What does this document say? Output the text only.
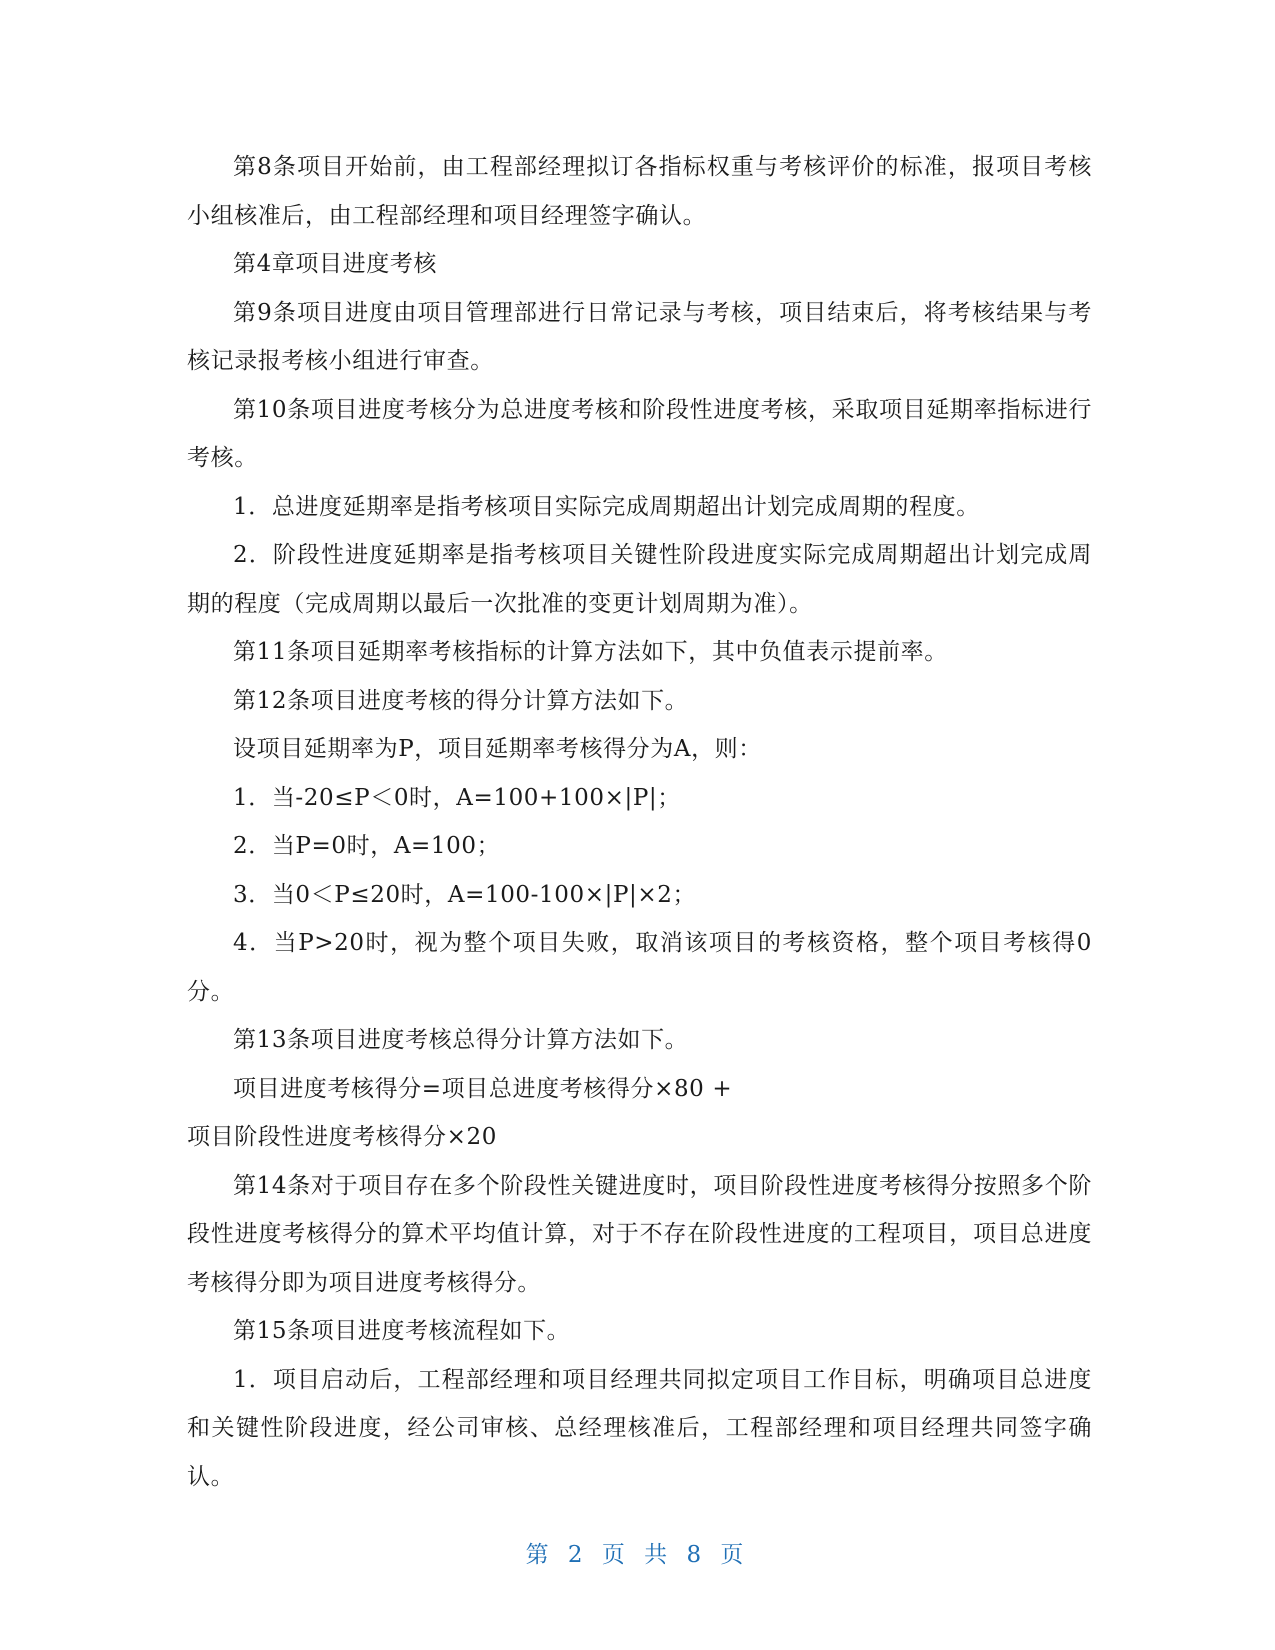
第8条项目开始前，由工程部经理拟订各指标权重与考核评价的标准，报项目考核小组核准后，由工程部经理和项目经理签字确认。

第4章项目进度考核

第9条项目进度由项目管理部进行日常记录与考核，项目结束后，将考核结果与考核记录报考核小组进行审查。

第10条项目进度考核分为总进度考核和阶段性进度考核，采取项目延期率指标进行考核。

1．总进度延期率是指考核项目实际完成周期超出计划完成周期的程度。

2．阶段性进度延期率是指考核项目关键性阶段进度实际完成周期超出计划完成周期的程度（完成周期以最后一次批准的变更计划周期为准）。

第11条项目延期率考核指标的计算方法如下，其中负值表示提前率。

第12条项目进度考核的得分计算方法如下。

设项目延期率为P，项目延期率考核得分为A，则：

1．当-20≤P＜0时，A=100+100×|P|；

2．当P=0时，A=100；

3．当0＜P≤20时，A=100-100×|P|×2；

4．当P>20时，视为整个项目失败，取消该项目的考核资格，整个项目考核得0分。

第13条项目进度考核总得分计算方法如下。

项目进度考核得分=项目总进度考核得分×80 +

项目阶段性进度考核得分×20

第14条对于项目存在多个阶段性关键进度时，项目阶段性进度考核得分按照多个阶段性进度考核得分的算术平均值计算，对于不存在阶段性进度的工程项目，项目总进度考核得分即为项目进度考核得分。

第15条项目进度考核流程如下。

1．项目启动后，工程部经理和项目经理共同拟定项目工作目标，明确项目总进度和关键性阶段进度，经公司审核、总经理核准后，工程部经理和项目经理共同签字确认。

第 2 页 共 8 页
